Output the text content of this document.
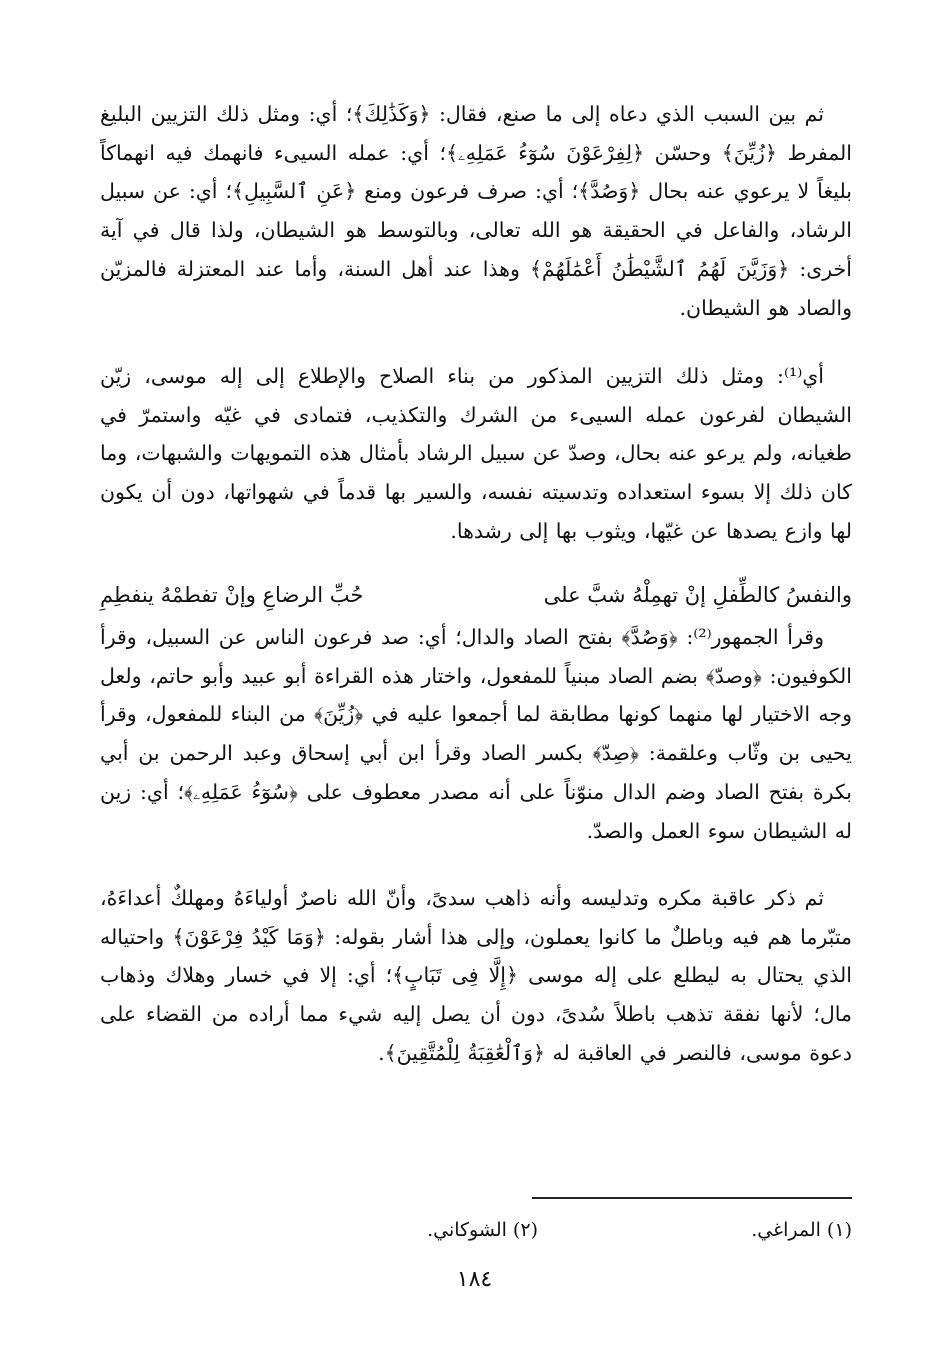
ثم بين السبب الذي دعاه إلى ما صنع، فقال: ﴿وَكَذَٰلِكَ﴾؛ أي: ومثل ذلك التزيين البليغ المفرط ﴿زُيِّنَ﴾ وحسّن ﴿لِفِرْعَوْنَ سُوٓءُ عَمَلِهِۦ﴾؛ أي: عمله السيىء فانهمك فيه انهماكاً بليغاً لا يرعوي عنه بحال ﴿وَصُدَّ﴾؛ أي: صرف فرعون ومنع ﴿عَنِ ٱلسَّبِيلِ﴾؛ أي: عن سبيل الرشاد، والفاعل في الحقيقة هو الله تعالى، وبالتوسط هو الشيطان، ولذا قال في آية أخرى: ﴿وَزَيَّنَ لَهُمُ ٱلشَّيْطَٰنُ أَعْمَٰلَهُمْ﴾ وهذا عند أهل السنة، وأما عند المعتزلة فالمزيّن والصاد هو الشيطان.

أي⁽¹⁾: ومثل ذلك التزيين المذكور من بناء الصلاح والإطلاع إلى إله موسى، زيّن الشيطان لفرعون عمله السيىء من الشرك والتكذيب، فتمادى في غيّه واستمرّ في طغيانه، ولم يرعو عنه بحال، وصدّ عن سبيل الرشاد بأمثال هذه التمويهات والشبهات، وما كان ذلك إلا بسوء استعداده وتدسيته نفسه، والسير بها قدماً في شهواتها، دون أن يكون لها وازع يصدها عن غيّها، ويثوب بها إلى رشدها.

والنفسُ كالطِّفلِ إنْ تهمِلْهُ شبَّ على
حُبِّ الرضاعِ وإنْ تفطمْهُ ينفطِمِ

وقرأ الجمهور⁽²⁾: ﴿وَصُدَّ﴾ بفتح الصاد والدال؛ أي: صد فرعون الناس عن السبيل، وقرأ الكوفيون: ﴿وصدّ﴾ بضم الصاد مبنياً للمفعول، واختار هذه القراءة أبو عبيد وأبو حاتم، ولعل وجه الاختيار لها منهما كونها مطابقة لما أجمعوا عليه في ﴿زُيِّنَ﴾ من البناء للمفعول، وقرأ يحيى بن وثّاب وعلقمة: ﴿صِدّ﴾ بكسر الصاد وقرأ ابن أبي إسحاق وعبد الرحمن بن أبي بكرة بفتح الصاد وضم الدال منوّناً على أنه مصدر معطوف على ﴿سُوٓءُ عَمَلِهِۦ﴾؛ أي: زين له الشيطان سوء العمل والصدّ.

ثم ذكر عاقبة مكره وتدليسه وأنه ذاهب سدىً، وأنّ الله ناصرٌ أولياءَهُ ومهلكٌ أعداءَهُ، متبّرما هم فيه وباطلٌ ما كانوا يعملون، وإلى هذا أشار بقوله: ﴿وَمَا كَيْدُ فِرْعَوْنَ﴾ واحتياله الذي يحتال به ليطلع على إله موسى ﴿إِلَّا فِى تَبَابٍ﴾؛ أي: إلا في خسار وهلاك وذهاب مال؛ لأنها نفقة تذهب باطلاً سُدىً، دون أن يصل إليه شيء مما أراده من القضاء على دعوة موسى، فالنصر في العاقبة له ﴿وَٱلْعَٰقِبَةُ لِلْمُتَّقِينَ﴾.

(١) المراغي.
(٢) الشوكاني.
١٨٤
